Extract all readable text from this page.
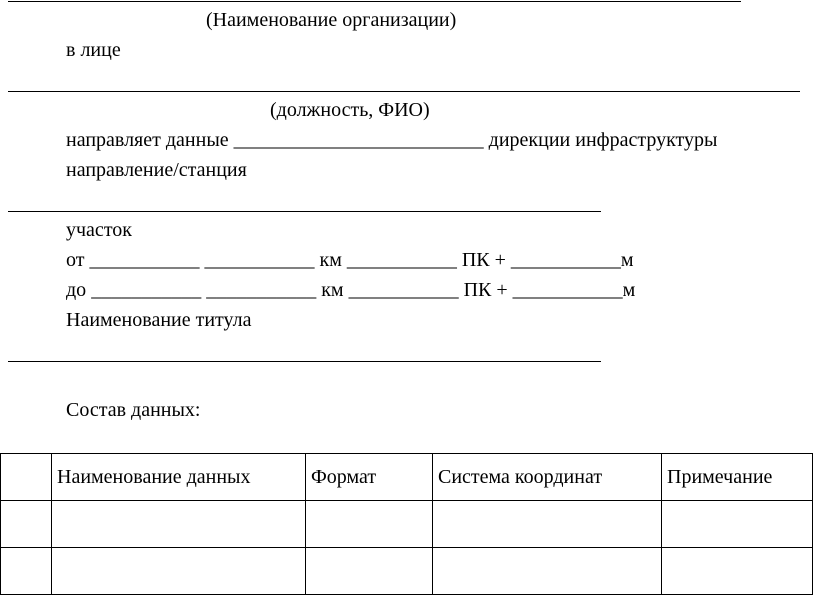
(Наименование организации)
в лице
(должность, ФИО)
направляет данные _________________________ дирекции инфраструктуры
направление/станция
участок
от ___________ ___________ км ___________ ПК + ___________м
до ___________ ___________ км ___________ ПК + ___________м
Наименование титула
Состав данных:
	Наименование данных	Формат	Система координат	Примечание
